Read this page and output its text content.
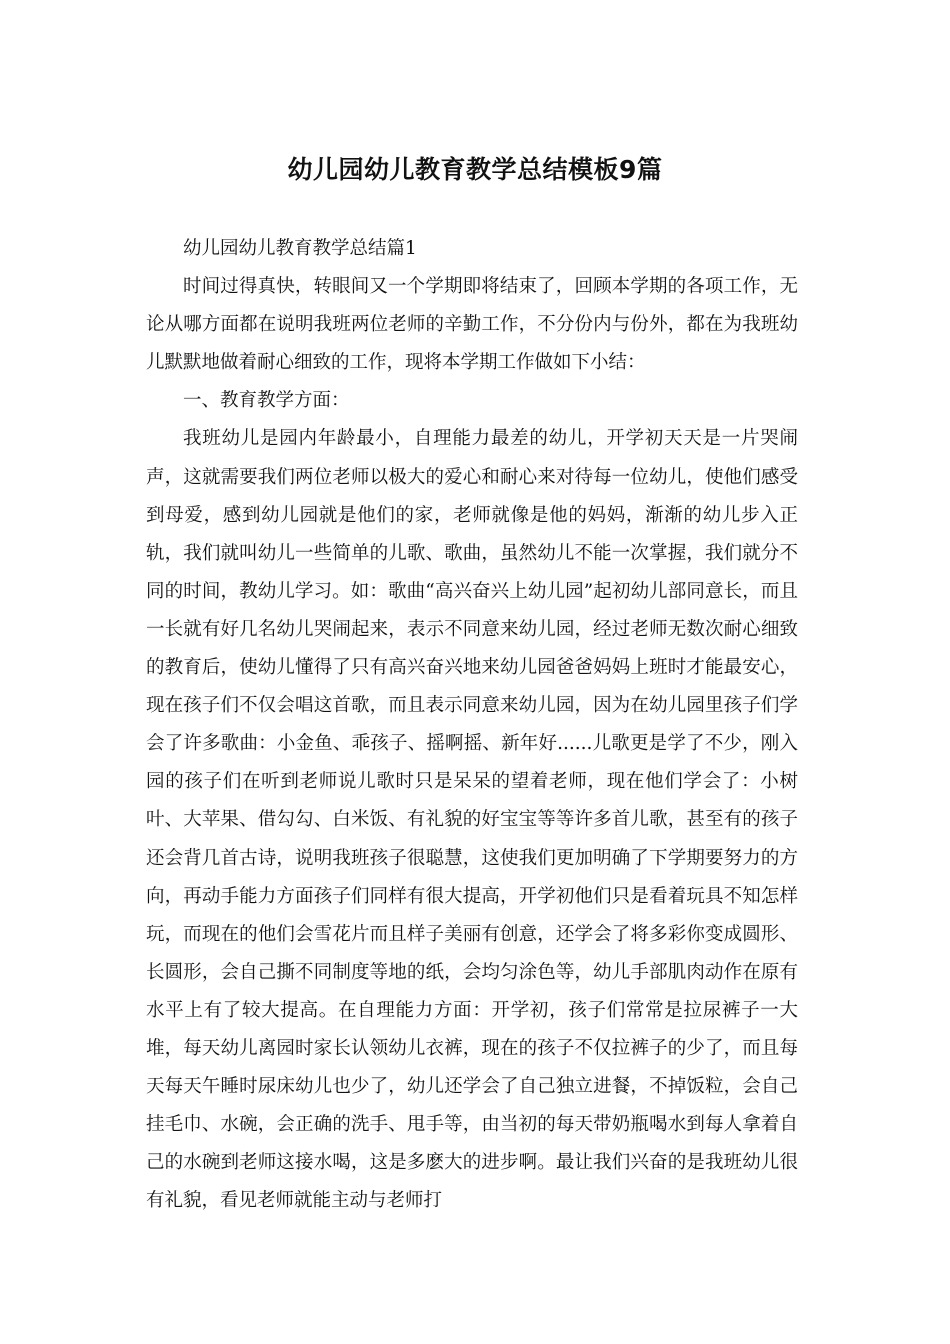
幼儿园幼儿教育教学总结模板9篇

幼儿园幼儿教育教学总结篇1

时间过得真快，转眼间又一个学期即将结束了，回顾本学期的各项工作，无论从哪方面都在说明我班两位老师的辛勤工作，不分份内与份外，都在为我班幼儿默默地做着耐心细致的工作，现将本学期工作做如下小结：

一、教育教学方面：

我班幼儿是园内年龄最小，自理能力最差的幼儿，开学初天天是一片哭闹声，这就需要我们两位老师以极大的爱心和耐心来对待每一位幼儿，使他们感受到母爱，感到幼儿园就是他们的家，老师就像是他的妈妈，渐渐的幼儿步入正轨，我们就叫幼儿一些简单的儿歌、歌曲，虽然幼儿不能一次掌握，我们就分不同的时间，教幼儿学习。如：歌曲“高兴奋兴上幼儿园”起初幼儿部同意长，而且一长就有好几名幼儿哭闹起来，表示不同意来幼儿园，经过老师无数次耐心细致的教育后，使幼儿懂得了只有高兴奋兴地来幼儿园爸爸妈妈上班时才能最安心，现在孩子们不仅会唱这首歌，而且表示同意来幼儿园，因为在幼儿园里孩子们学会了许多歌曲：小金鱼、乖孩子、摇啊摇、新年好......儿歌更是学了不少，刚入园的孩子们在听到老师说儿歌时只是呆呆的望着老师，现在他们学会了：小树叶、大苹果、借勾勾、白米饭、有礼貌的好宝宝等等许多首儿歌，甚至有的孩子还会背几首古诗，说明我班孩子很聪慧，这使我们更加明确了下学期要努力的方向，再动手能力方面孩子们同样有很大提高，开学初他们只是看着玩具不知怎样玩，而现在的他们会雪花片而且样子美丽有创意，还学会了将多彩你变成圆形、长圆形，会自己撕不同制度等地的纸，会均匀涂色等，幼儿手部肌肉动作在原有水平上有了较大提高。在自理能力方面：开学初，孩子们常常是拉尿裤子一大堆，每天幼儿离园时家长认领幼儿衣裤，现在的孩子不仅拉裤子的少了，而且每天每天午睡时尿床幼儿也少了，幼儿还学会了自己独立进餐，不掉饭粒，会自己挂毛巾、水碗，会正确的洗手、甩手等，由当初的每天带奶瓶喝水到每人拿着自己的水碗到老师这接水喝，这是多麽大的进步啊。最让我们兴奋的是我班幼儿很有礼貌，看见老师就能主动与老师打
